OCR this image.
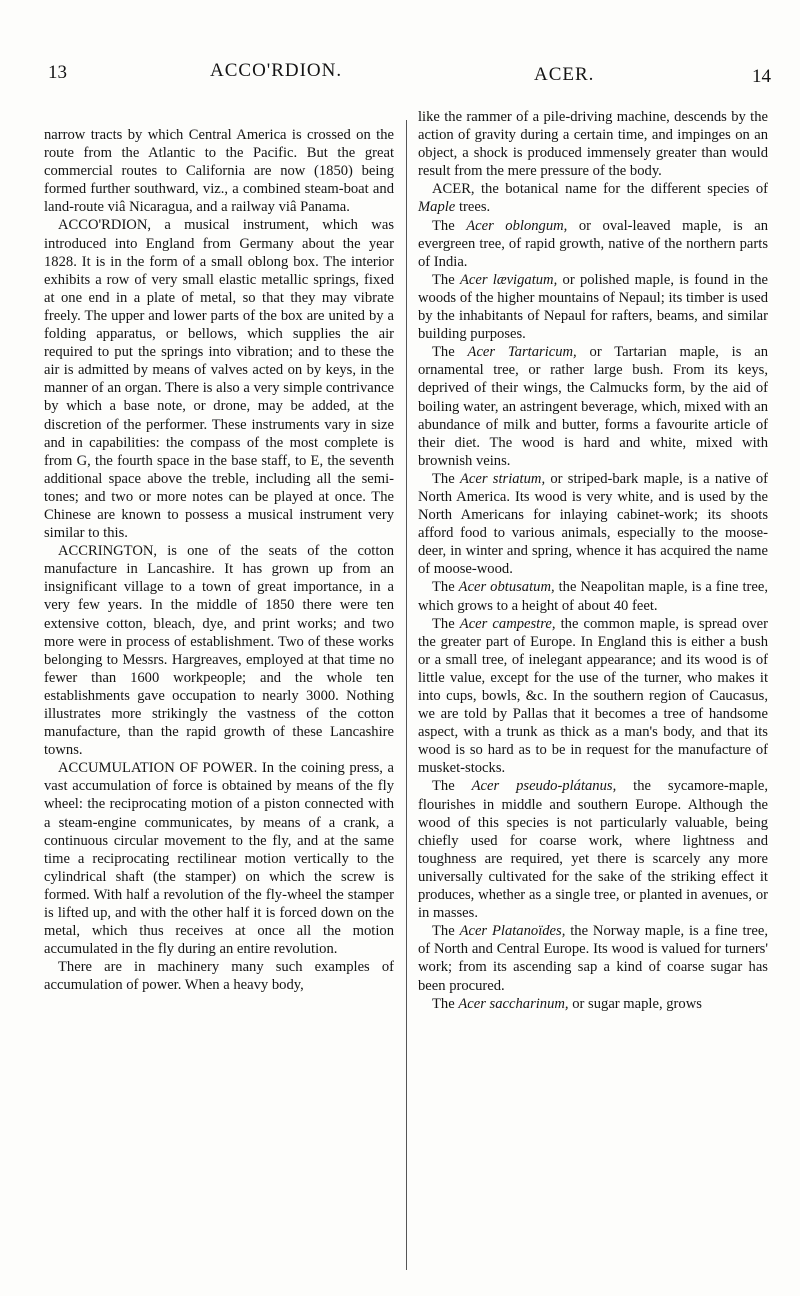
13	ACCO'RDION.	ACER.	14

narrow tracts by which Central America is crossed on the route from the Atlantic to the Pacific. But the great commercial routes to California are now (1850) being formed further southward, viz., a combined steam-boat and land-route viâ Nicaragua, and a railway viâ Panama.

ACCO'RDION, a musical instrument, which was introduced into England from Germany about the year 1828. It is in the form of a small oblong box. The interior exhibits a row of very small elastic metallic springs, fixed at one end in a plate of metal, so that they may vibrate freely. The upper and lower parts of the box are united by a folding apparatus, or bellows, which supplies the air required to put the springs into vibration; and to these the air is admitted by means of valves acted on by keys, in the manner of an organ. There is also a very simple contrivance by which a base note, or drone, may be added, at the discretion of the performer. These instruments vary in size and in capabilities: the compass of the most complete is from G, the fourth space in the base staff, to E, the seventh additional space above the treble, including all the semi-tones; and two or more notes can be played at once. The Chinese are known to possess a musical instrument very similar to this.

ACCRINGTON, is one of the seats of the cotton manufacture in Lancashire. It has grown up from an insignificant village to a town of great importance, in a very few years. In the middle of 1850 there were ten extensive cotton, bleach, dye, and print works; and two more were in process of establishment. Two of these works belonging to Messrs. Hargreaves, employed at that time no fewer than 1600 workpeople; and the whole ten establishments gave occupation to nearly 3000. Nothing illustrates more strikingly the vastness of the cotton manufacture, than the rapid growth of these Lancashire towns.

ACCUMULATION OF POWER. In the coining press, a vast accumulation of force is obtained by means of the fly wheel: the reciprocating motion of a piston connected with a steam-engine communicates, by means of a crank, a continuous circular movement to the fly, and at the same time a reciprocating rectilinear motion vertically to the cylindrical shaft (the stamper) on which the screw is formed. With half a revolution of the fly-wheel the stamper is lifted up, and with the other half it is forced down on the metal, which thus receives at once all the motion accumulated in the fly during an entire revolution.

There are in machinery many such examples of accumulation of power. When a heavy body,

like the rammer of a pile-driving machine, descends by the action of gravity during a certain time, and impinges on an object, a shock is produced immensely greater than would result from the mere pressure of the body.

ACER, the botanical name for the different species of Maple trees.

The Acer oblongum, or oval-leaved maple, is an evergreen tree, of rapid growth, native of the northern parts of India.

The Acer lævigatum, or polished maple, is found in the woods of the higher mountains of Nepaul; its timber is used by the inhabitants of Nepaul for rafters, beams, and similar building purposes.

The Acer Tartaricum, or Tartarian maple, is an ornamental tree, or rather large bush. From its keys, deprived of their wings, the Calmucks form, by the aid of boiling water, an astringent beverage, which, mixed with an abundance of milk and butter, forms a favourite article of their diet. The wood is hard and white, mixed with brownish veins.

The Acer striatum, or striped-bark maple, is a native of North America. Its wood is very white, and is used by the North Americans for inlaying cabinet-work; its shoots afford food to various animals, especially to the moose-deer, in winter and spring, whence it has acquired the name of moose-wood.

The Acer obtusatum, the Neapolitan maple, is a fine tree, which grows to a height of about 40 feet.

The Acer campestre, the common maple, is spread over the greater part of Europe. In England this is either a bush or a small tree, of inelegant appearance; and its wood is of little value, except for the use of the turner, who makes it into cups, bowls, &c. In the southern region of Caucasus, we are told by Pallas that it becomes a tree of handsome aspect, with a trunk as thick as a man's body, and that its wood is so hard as to be in request for the manufacture of musket-stocks.

The Acer pseudo-plátanus, the sycamore-maple, flourishes in middle and southern Europe. Although the wood of this species is not particularly valuable, being chiefly used for coarse work, where lightness and toughness are required, yet there is scarcely any more universally cultivated for the sake of the striking effect it produces, whether as a single tree, or planted in avenues, or in masses.

The Acer Platanoïdes, the Norway maple, is a fine tree, of North and Central Europe. Its wood is valued for turners' work; from its ascending sap a kind of coarse sugar has been procured.

The Acer saccharinum, or sugar maple, grows
